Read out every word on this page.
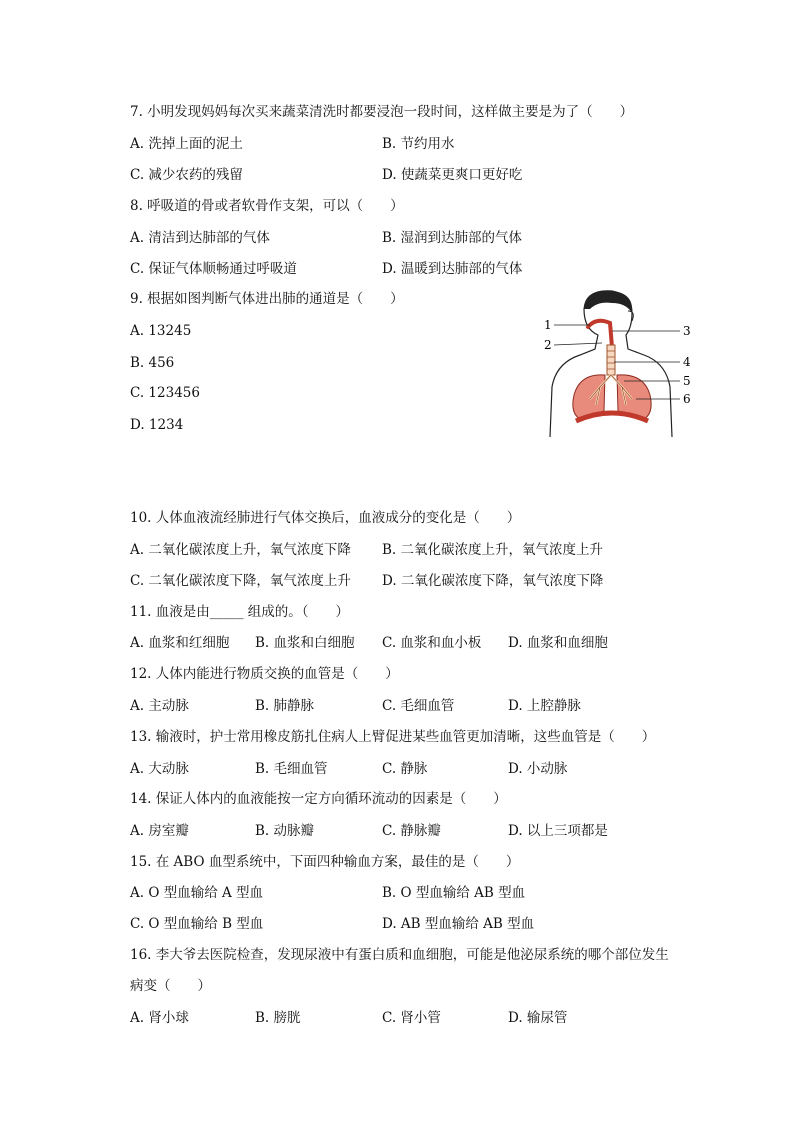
7. 小明发现妈妈每次买来蔬菜清洗时都要浸泡一段时间，这样做主要是为了（　　）
A. 洗掉上面的泥土	B. 节约用水
C. 减少农药的残留	D. 使蔬菜更爽口更好吃
8. 呼吸道的骨或者软骨作支架，可以（　　）
A. 清洁到达肺部的气体	B. 湿润到达肺部的气体
C. 保证气体顺畅通过呼吸道	D. 温暖到达肺部的气体
9. 根据如图判断气体进出肺的通道是（　　）
A. 13245
B. 456
C. 123456
D. 1234
1
2
3
4
5
6
10. 人体血液流经肺进行气体交换后，血液成分的变化是（　　）
A. 二氧化碳浓度上升，氧气浓度下降 B. 二氧化碳浓度上升，氧气浓度上升
C. 二氧化碳浓度下降，氧气浓度上升 D. 二氧化碳浓度下降，氧气浓度下降
11. 血液是由_____ 组成的。（　　）
A. 血浆和红细胞 B. 血浆和白细胞 C. 血浆和血小板 D. 血浆和血细胞
12. 人体内能进行物质交换的血管是（　　）
A. 主动脉	B. 肺静脉	C. 毛细血管	D. 上腔静脉
13. 输液时，护士常用橡皮筋扎住病人上臂促进某些血管更加清晰，这些血管是（　　）
A. 大动脉	B. 毛细血管	C. 静脉	D. 小动脉
14. 保证人体内的血液能按一定方向循环流动的因素是（　　）
A. 房室瓣	B. 动脉瓣	C. 静脉瓣	D. 以上三项都是
15. 在 ABO 血型系统中，下面四种输血方案，最佳的是（　　）
A. O 型血输给 A 型血	B. O 型血输给 AB 型血
C. O 型血输给 B 型血	D. AB 型血输给 AB 型血
16. 李大爷去医院检查，发现尿液中有蛋白质和血细胞，可能是他泌尿系统的哪个部位发生
病变（　　）
A. 肾小球	B. 膀胱	C. 肾小管	D. 输尿管
